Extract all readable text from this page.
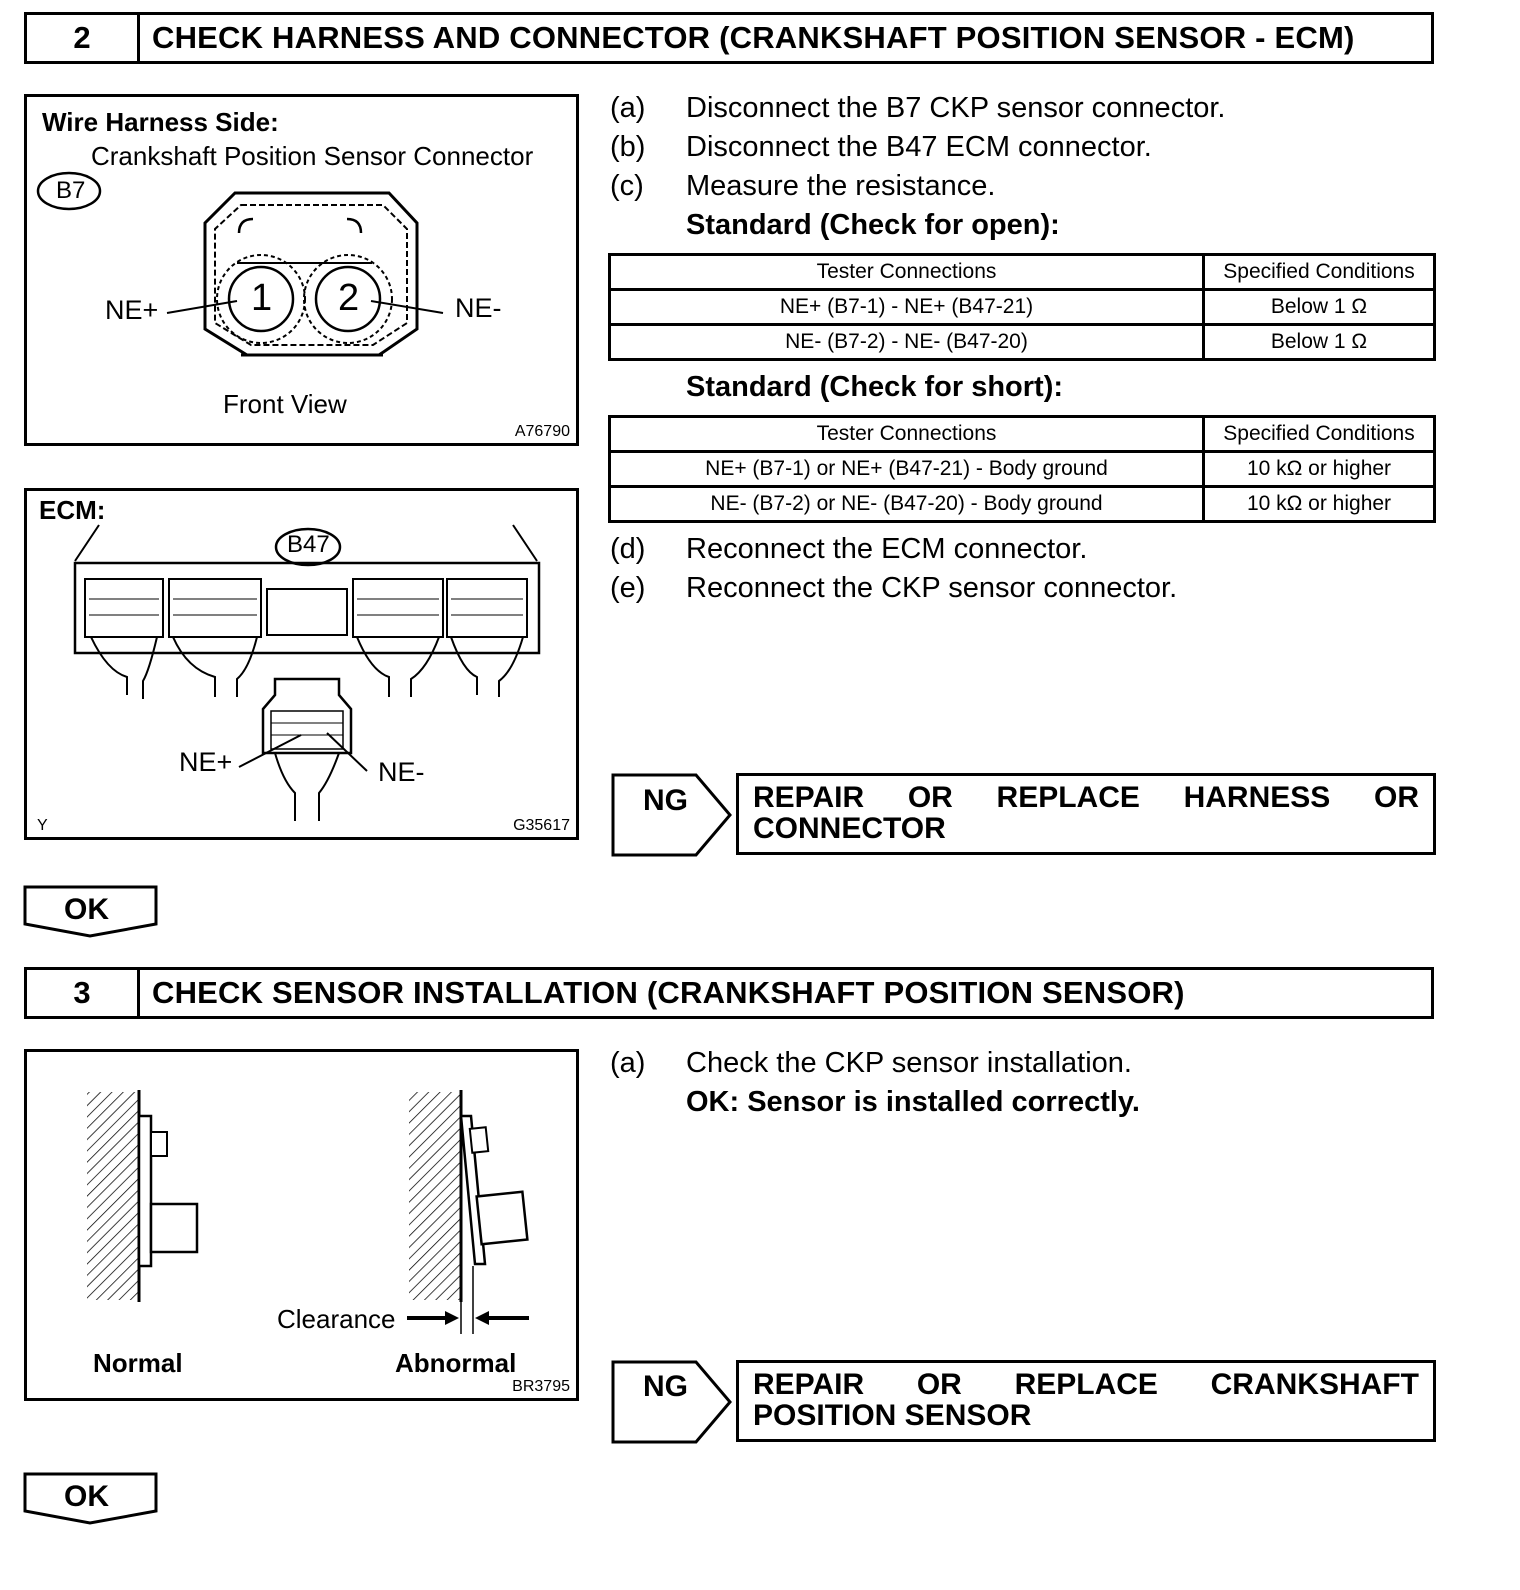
2	CHECK HARNESS AND CONNECTOR (CRANKSHAFT POSITION SENSOR - ECM)
Wire Harness Side:
Crankshaft Position Sensor Connector
B7
1 2
NE+	NE-
Front View
A76790
ECM:
B47
NE+	NE-
Y	G35617
(a) Disconnect the B7 CKP sensor connector.
(b) Disconnect the B47 ECM connector.
(c) Measure the resistance.
Standard (Check for open):
Tester Connections	Specified Conditions
NE+ (B7-1) - NE+ (B47-21)	Below 1 Ω
NE- (B7-2) - NE- (B47-20)	Below 1 Ω
Standard (Check for short):
Tester Connections	Specified Conditions
NE+ (B7-1) or NE+ (B47-21) - Body ground	10 kΩ or higher
NE- (B7-2) or NE- (B47-20) - Body ground	10 kΩ or higher
(d) Reconnect the ECM connector.
(e) Reconnect the CKP sensor connector.
NG REPAIR OR REPLACE HARNESS OR
CONNECTOR
OK
3	CHECK SENSOR INSTALLATION (CRANKSHAFT POSITION SENSOR)
Clearance
Normal	Abnormal
BR3795
(a) Check the CKP sensor installation.
OK: Sensor is installed correctly.
NG REPAIR OR REPLACE CRANKSHAFT
POSITION SENSOR
OK
